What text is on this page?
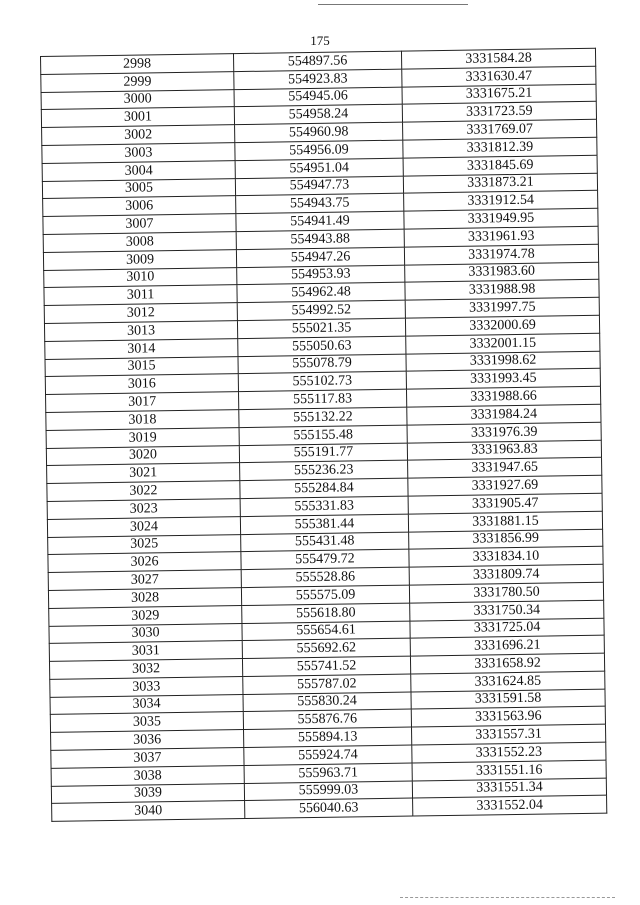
175
2998	554897.56	3331584.28
2999	554923.83	3331630.47
3000	554945.06	3331675.21
3001	554958.24	3331723.59
3002	554960.98	3331769.07
3003	554956.09	3331812.39
3004	554951.04	3331845.69
3005	554947.73	3331873.21
3006	554943.75	3331912.54
3007	554941.49	3331949.95
3008	554943.88	3331961.93
3009	554947.26	3331974.78
3010	554953.93	3331983.60
3011	554962.48	3331988.98
3012	554992.52	3331997.75
3013	555021.35	3332000.69
3014	555050.63	3332001.15
3015	555078.79	3331998.62
3016	555102.73	3331993.45
3017	555117.83	3331988.66
3018	555132.22	3331984.24
3019	555155.48	3331976.39
3020	555191.77	3331963.83
3021	555236.23	3331947.65
3022	555284.84	3331927.69
3023	555331.83	3331905.47
3024	555381.44	3331881.15
3025	555431.48	3331856.99
3026	555479.72	3331834.10
3027	555528.86	3331809.74
3028	555575.09	3331780.50
3029	555618.80	3331750.34
3030	555654.61	3331725.04
3031	555692.62	3331696.21
3032	555741.52	3331658.92
3033	555787.02	3331624.85
3034	555830.24	3331591.58
3035	555876.76	3331563.96
3036	555894.13	3331557.31
3037	555924.74	3331552.23
3038	555963.71	3331551.16
3039	555999.03	3331551.34
3040	556040.63	3331552.04
